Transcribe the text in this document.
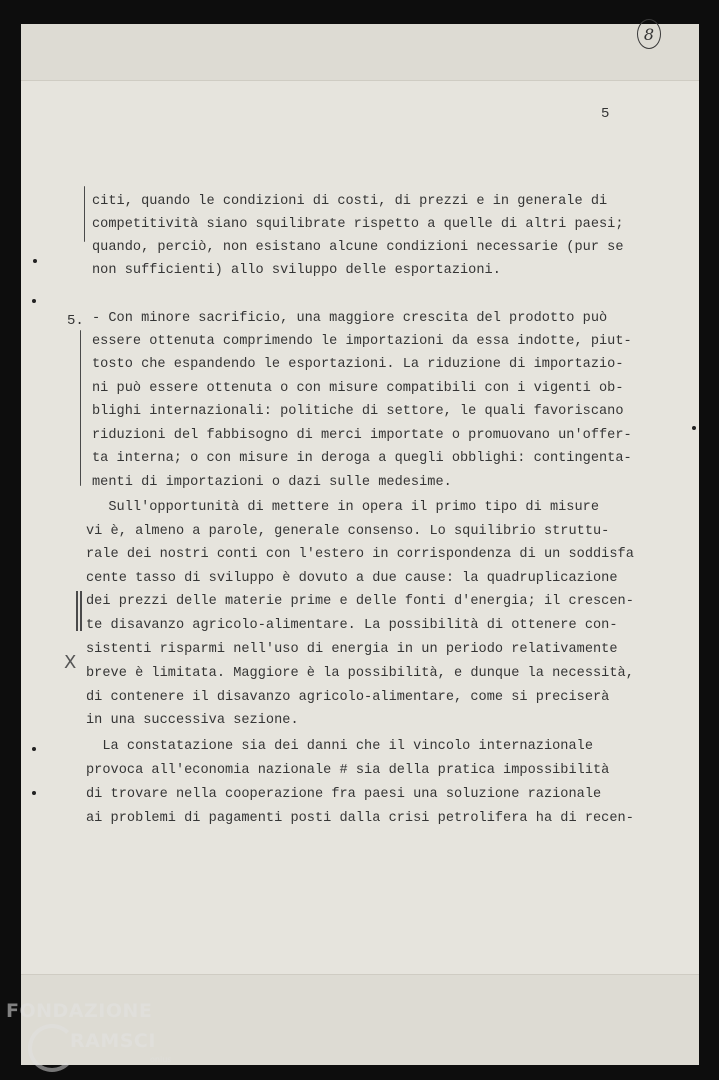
8
5
citi, quando le condizioni di costi, di prezzi e in generale di
competitività siano squilibrate rispetto a quelle di altri paesi;
quando, perciò, non esistano alcune condizioni necessarie (pur se
non sufficienti) allo sviluppo delle esportazioni.
5. - Con minore sacrificio, una maggiore crescita del prodotto può
essere ottenuta comprimendo le importazioni da essa indotte, piut-
tosto che espandendo le esportazioni. La riduzione di importazio-
ni può essere ottenuta o con misure compatibili con i vigenti ob-
blighi internazionali: politiche di settore, le quali favoriscano
riduzioni del fabbisogno di merci importate o promuovano un'offer-
ta interna; o con misure in deroga a quegli obblighi: contingenta-
menti di importazioni o dazi sulle medesime.
Sull'opportunità di mettere in opera il primo tipo di misure
vi è, almeno a parole, generale consenso. Lo squilibrio struttu-
rale dei nostri conti con l'estero in corrispondenza di un soddisfa
cente tasso di sviluppo è dovuto a due cause: la quadruplicazione
dei prezzi delle materie prime e delle fonti d'energia; il crescen-
te disavanzo agricolo-alimentare. La possibilità di ottenere con-
sistenti risparmi nell'uso di energia in un periodo relativamente
breve è limitata. Maggiore è la possibilità, e dunque la necessità,
di contenere il disavanzo agricolo-alimentare, come si preciserà
in una successiva sezione.
X
La constatazione sia dei danni che il vincolo internazionale
provoca all'economia nazionale # sia della pratica impossibilità
di trovare nella cooperazione fra paesi una soluzione razionale
ai problemi di pagamenti posti dalla crisi petrolifera ha di recen-
FONDAZIONE
RAMSCI
onlus
